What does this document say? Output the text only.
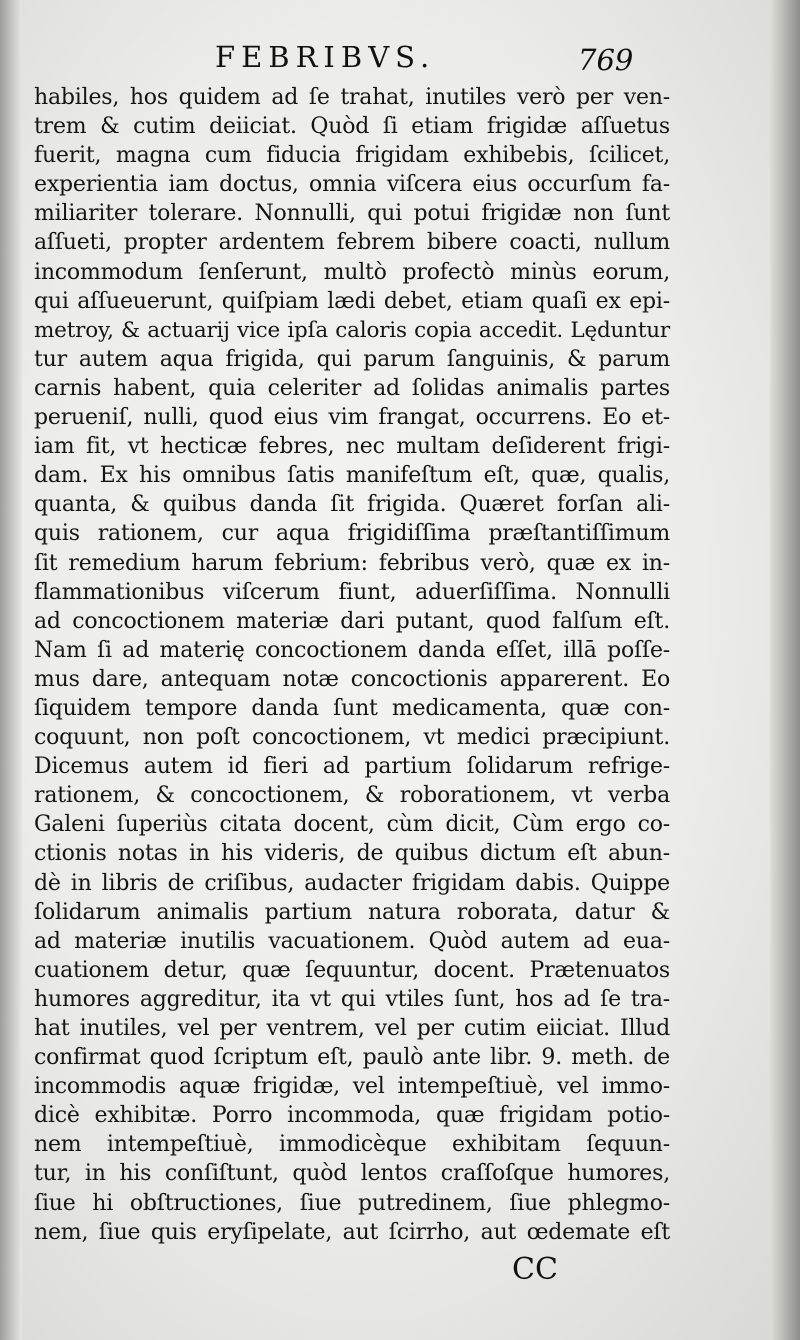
FEBRIBVS.	769
habiles, hos quidem ad ſe trahat, inutiles verò per ven-
trem & cutim deiiciat. Quòd ſi etiam frigidæ aſſuetus
fuerit, magna cum fiducia frigidam exhibebis, ſcilicet,
experientia iam doctus, omnia viſcera eius occurſum fa-
miliariter tolerare. Nonnulli, qui potui frigidæ non ſunt
aſſueti, propter ardentem febrem bibere coacti, nullum
incommodum ſenſerunt, multò profectò minùs eorum,
qui aſſueuerunt, quiſpiam lædi debet, etiam quaſi ex epi-
metroy, & actuarij vice ipſa caloris copia accedit. Lęduntur
tur autem aqua frigida, qui parum ſanguinis, & parum
carnis habent, quia celeriter ad ſolidas animalis partes
perueniſ, nulli, quod eius vim frangat, occurrens. Eo et-
iam fit, vt hecticæ febres, nec multam deſiderent frigi-
dam. Ex his omnibus ſatis manifeſtum eſt, quæ, qualis,
quanta, & quibus danda ſit frigida. Quæret forſan ali-
quis rationem, cur aqua frigidiſſima præſtantiſſimum
ſit remedium harum febrium: febribus verò, quæ ex in-
flammationibus viſcerum fiunt, aduerſiſſima. Nonnulli
ad concoctionem materiæ dari putant, quod falſum eſt.
Nam ſi ad materię concoctionem danda eſſet, illā poſſe-
mus dare, antequam notæ concoctionis apparerent. Eo
ſiquidem tempore danda ſunt medicamenta, quæ con-
coquunt, non poſt concoctionem, vt medici præcipiunt.
Dicemus autem id fieri ad partium ſolidarum refrige-
rationem, & concoctionem, & roborationem, vt verba
Galeni ſuperiùs citata docent, cùm dicit, Cùm ergo co-
ctionis notas in his videris, de quibus dictum eſt abun-
dè in libris de criſibus, audacter frigidam dabis. Quippe
ſolidarum animalis partium natura roborata, datur &
ad materiæ inutilis vacuationem. Quòd autem ad eua-
cuationem detur, quæ ſequuntur, docent. Prætenuatos
humores aggreditur, ita vt qui vtiles ſunt, hos ad ſe tra-
hat inutiles, vel per ventrem, vel per cutim eiiciat. Illud
confirmat quod ſcriptum eſt, paulò ante libr. 9. meth. de
incommodis aquæ frigidæ, vel intempeſtiuè, vel immo-
dicè exhibitæ. Porro incommoda, quæ frigidam potio-
nem intempeſtiuè, immodicèque exhibitam ſequun-
tur, in his conſiſtunt, quòd lentos craſſoſque humores,
ſiue hi obſtructiones, ſiue putredinem, ſiue phlegmo-
nem, ſiue quis eryſipelate, aut ſcirrho, aut œdemate eſt
CC
